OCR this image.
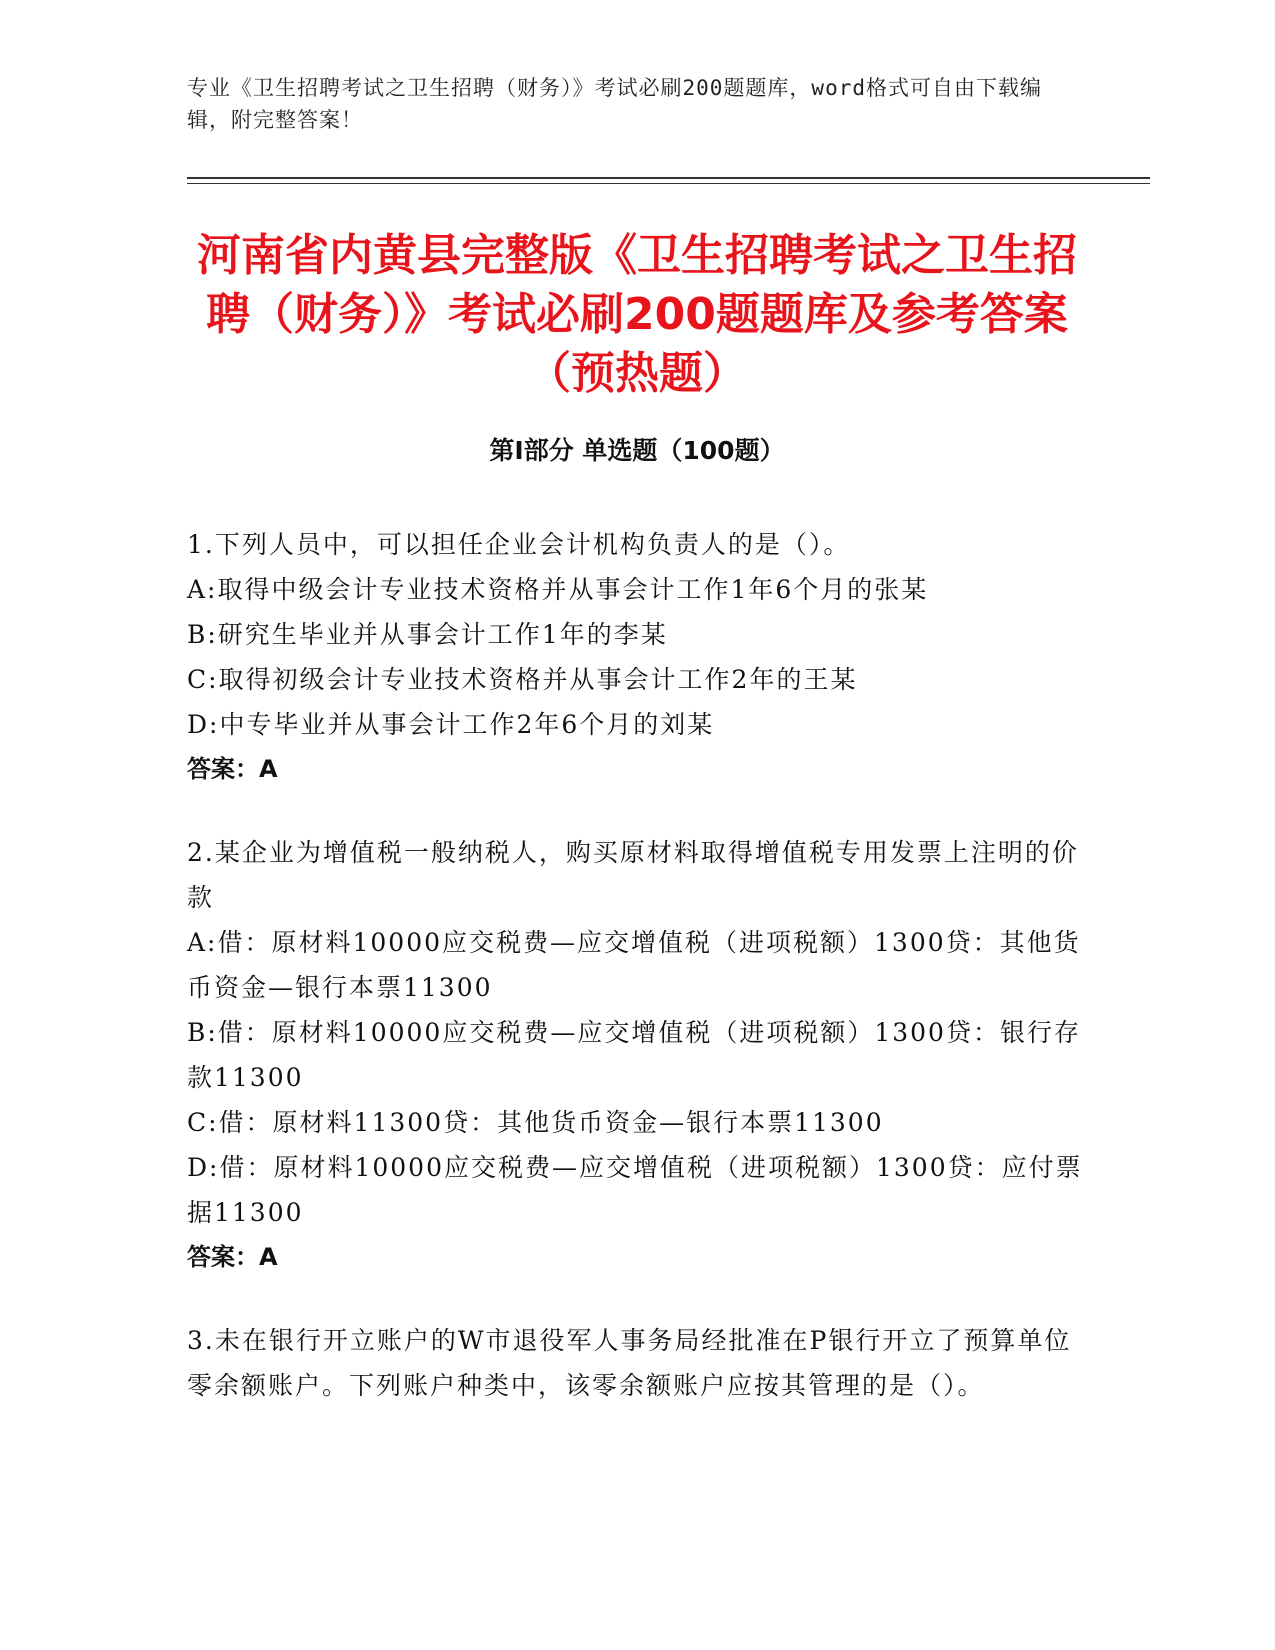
专业《卫生招聘考试之卫生招聘（财务）》考试必刷200题题库，word格式可自由下载编辑，附完整答案！
河南省内黄县完整版《卫生招聘考试之卫生招聘（财务）》考试必刷200题题库及参考答案（预热题）
第Ⅰ部分 单选题（100题）
1.下列人员中，可以担任企业会计机构负责人的是（）。
A:取得中级会计专业技术资格并从事会计工作1年6个月的张某
B:研究生毕业并从事会计工作1年的李某
C:取得初级会计专业技术资格并从事会计工作2年的王某
D:中专毕业并从事会计工作2年6个月的刘某
答案：A
2.某企业为增值税一般纳税人，购买原材料取得增值税专用发票上注明的价款
A:借：原材料10000应交税费—应交增值税（进项税额）1300贷：其他货币资金—银行本票11300
B:借：原材料10000应交税费—应交增值税（进项税额）1300贷：银行存款11300
C:借：原材料11300贷：其他货币资金—银行本票11300
D:借：原材料10000应交税费—应交增值税（进项税额）1300贷：应付票据11300
答案：A
3.未在银行开立账户的W市退役军人事务局经批准在P银行开立了预算单位零余额账户。下列账户种类中，该零余额账户应按其管理的是（）。
